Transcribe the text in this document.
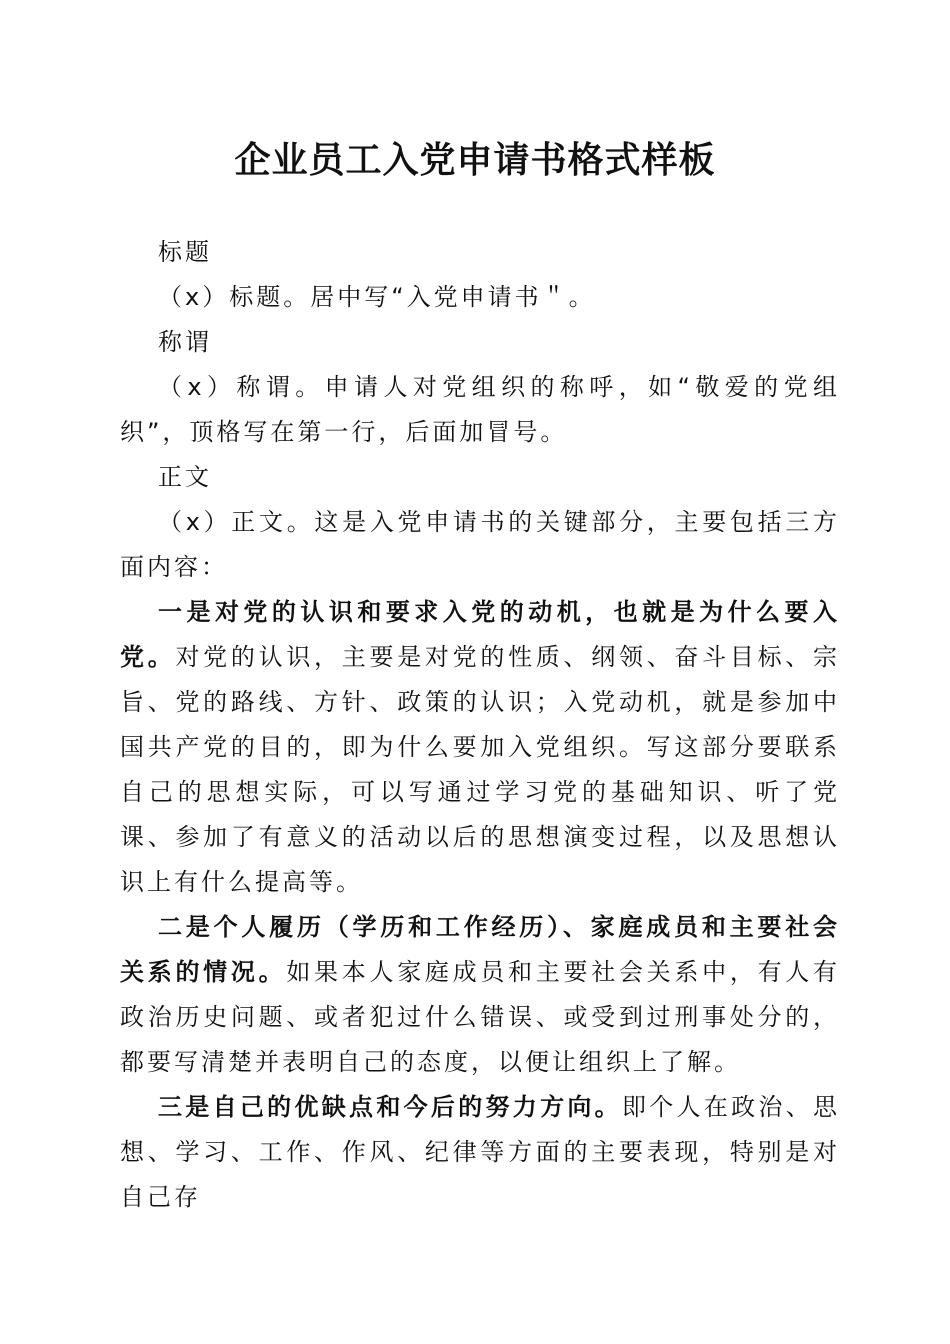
企业员工入党申请书格式样板

标题

（x）标题。居中写“入党申请书＂。

称谓

（x）称谓。申请人对党组织的称呼，如“敬爱的党组织”，顶格写在第一行，后面加冒号。

正文

（x）正文。这是入党申请书的关键部分，主要包括三方面内容：

一是对党的认识和要求入党的动机，也就是为什么要入党。对党的认识，主要是对党的性质、纲领、奋斗目标、宗旨、党的路线、方针、政策的认识；入党动机，就是参加中国共产党的目的，即为什么要加入党组织。写这部分要联系自己的思想实际，可以写通过学习党的基础知识、听了党课、参加了有意义的活动以后的思想演变过程，以及思想认识上有什么提高等。

二是个人履历（学历和工作经历）、家庭成员和主要社会关系的情况。如果本人家庭成员和主要社会关系中，有人有政治历史问题、或者犯过什么错误、或受到过刑事处分的，都要写清楚并表明自己的态度，以便让组织上了解。

三是自己的优缺点和今后的努力方向。即个人在政治、思想、学习、工作、作风、纪律等方面的主要表现，特别是对自己存
